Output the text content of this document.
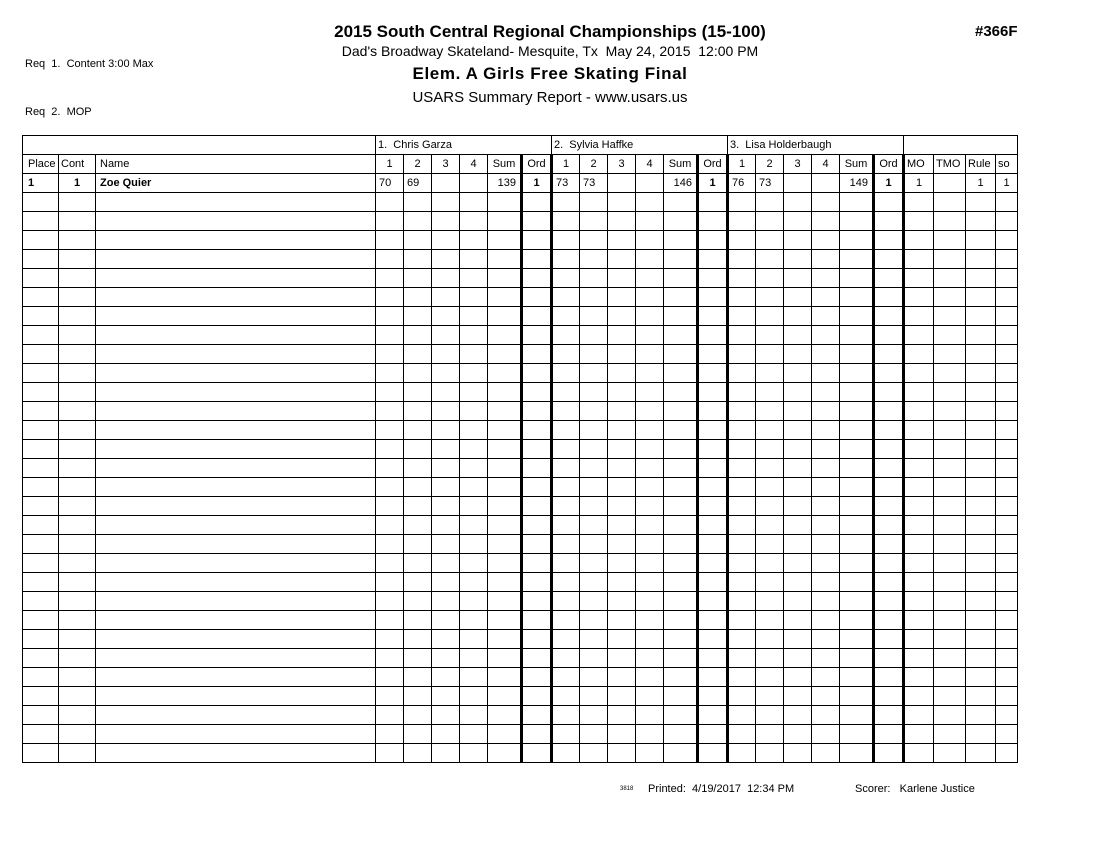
Req  1.  Content 3:00 Max

Req  2.  MOP

2015 South Central Regional Championships (15-100)
Dad's Broadway Skateland- Mesquite, Tx  May 24, 2015  12:00 PM
Elem. A Girls Free Skating Final
USARS Summary Report - www.usars.us
#366F
			1.  Chris Garza						2.  Sylvia Haffke						3.  Lisa Holderbaugh									
Place	Cont	Name	1	2	3	4	Sum	Ord	1	2	3	4	Sum	Ord	1	2	3	4	Sum	Ord	MO	TMO	Rule	so
1	1	Zoe Quier	70	69			139	1	73	73			146	1	76	73			149	1	1		1	1

3818 Printed:  4/19/2017  12:34 PM	Scorer:   Karlene Justice
